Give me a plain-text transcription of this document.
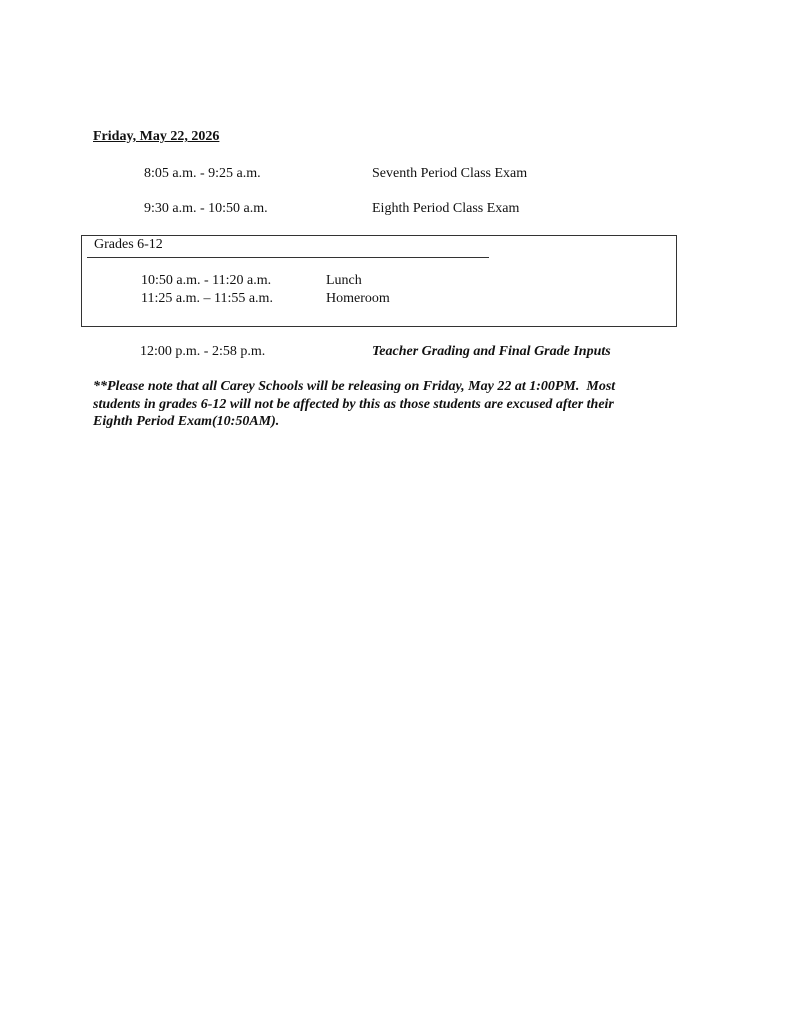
Friday, May 22, 2026
8:05 a.m. - 9:25 a.m.	Seventh Period Class Exam
9:30 a.m. - 10:50 a.m.	Eighth Period Class Exam
Grades 6-12
10:50 a.m. - 11:20 a.m.	Lunch
11:25 a.m. – 11:55 a.m.	Homeroom
12:00 p.m. - 2:58 p.m.	Teacher Grading and Final Grade Inputs
**Please note that all Carey Schools will be releasing on Friday, May 22 at 1:00PM.  Most
students in grades 6-12 will not be affected by this as those students are excused after their
Eighth Period Exam(10:50AM).
